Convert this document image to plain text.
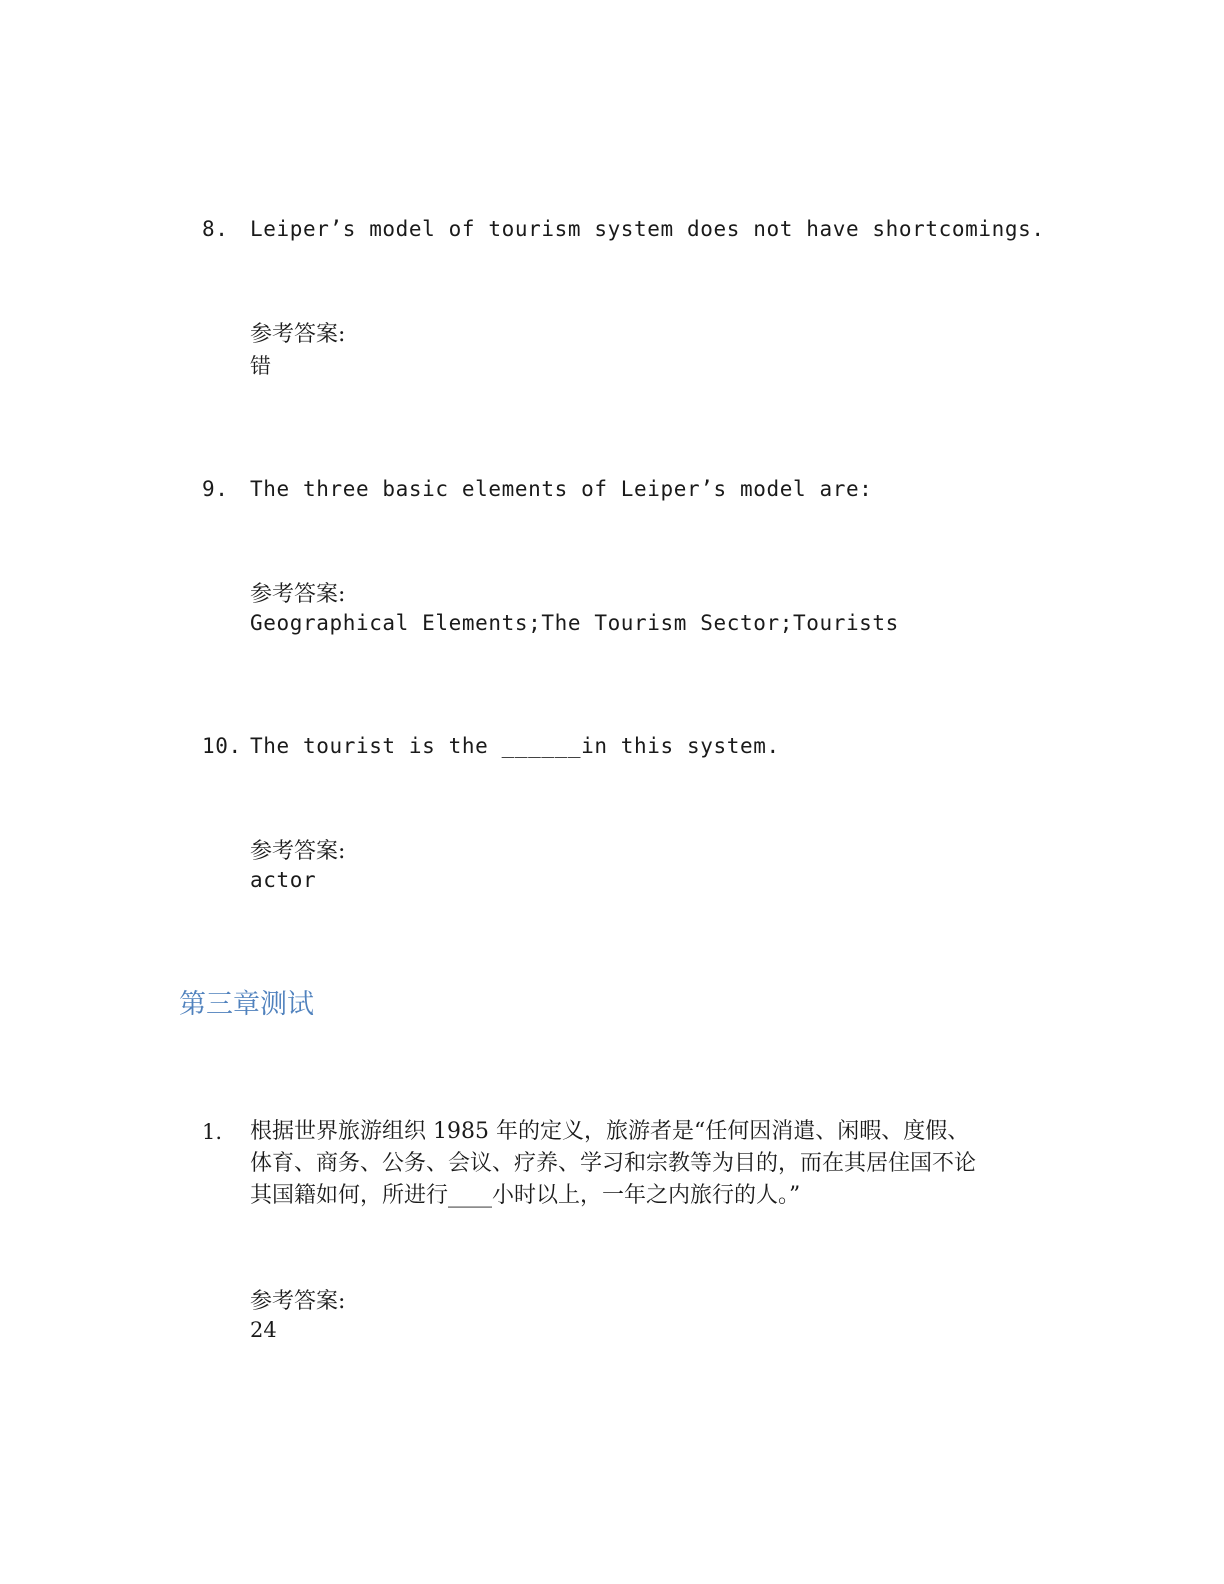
8. Leiper’s model of tourism system does not have shortcomings.
参考答案:
错
9. The three basic elements of Leiper’s model are:
参考答案:
Geographical Elements;The Tourism Sector;Tourists
10. The tourist is the ______in this system.
参考答案:
actor
第三章测试
1. 根据世界旅游组织 1985 年的定义，旅游者是“任何因消遣、闲暇、度假、
体育、商务、公务、会议、疗养、学习和宗教等为目的，而在其居住国不论
其国籍如何，所进行____小时以上，一年之内旅行的人。”
参考答案:
24
